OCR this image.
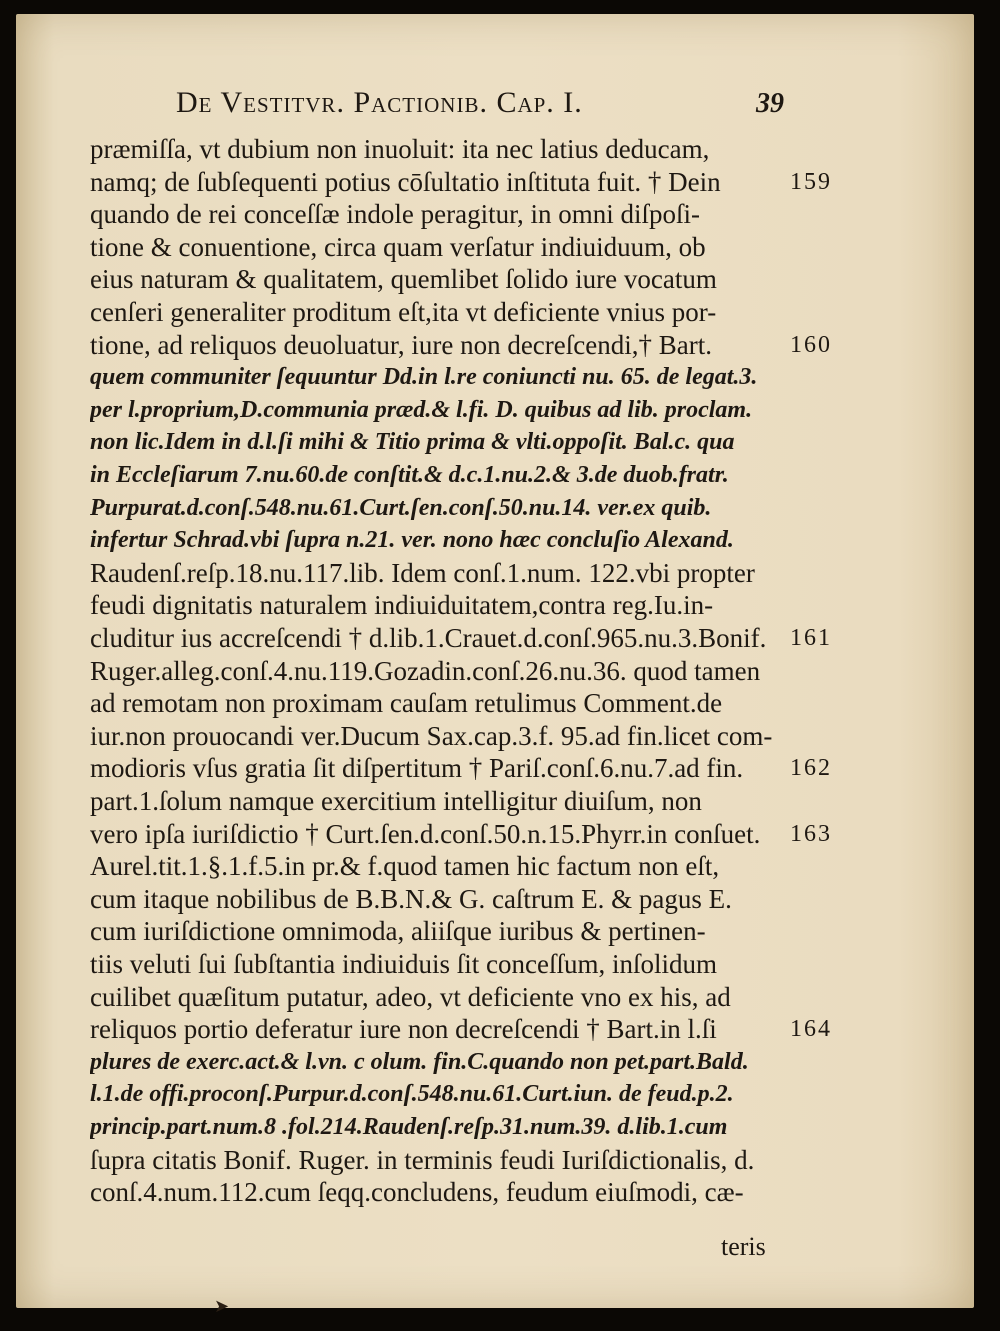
De Vestitvr. Pactionib. Cap. I.	39
præmiſſa, vt dubium non inuoluit: ita nec latius deducam,
namq; de ſubſequenti potius cōſultatio inſtituta fuit. † Dein
quando de rei conceſſæ indole peragitur, in omni diſpoſi-
tione & conuentione, circa quam verſatur indiuiduum, ob
eius naturam & qualitatem, quemlibet ſolido iure vocatum
cenſeri generaliter proditum eſt,ita vt deficiente vnius por-
tione, ad reliquos deuoluatur, iure non decreſcendi,† Bart.
quem communiter ſequuntur Dd.in l.re coniuncti nu. 65. de legat.3.
per l.proprium,D.communia præd.& l.fi. D. quibus ad lib. proclam.
non lic.Idem in d.l.ſi mihi & Titio prima & vlti.oppoſit. Bal.c. qua
in Eccleſiarum 7.nu.60.de conſtit.& d.c.1.nu.2.& 3.de duob.fratr.
Purpurat.d.conſ.548.nu.61.Curt.ſen.conſ.50.nu.14. ver.ex quib.
infertur Schrad.vbi ſupra n.21. ver. nono hæc concluſio Alexand.
Raudenſ.reſp.18.nu.117.lib. Idem conſ.1.num. 122.vbi propter
feudi dignitatis naturalem indiuiduitatem,contra reg.Iu.in-
cluditur ius accreſcendi † d.lib.1.Crauet.d.conſ.965.nu.3.Bonif.
Ruger.alleg.conſ.4.nu.119.Gozadin.conſ.26.nu.36. quod tamen
ad remotam non proximam cauſam retulimus Comment.de
iur.non prouocandi ver.Ducum Sax.cap.3.f. 95.ad fin.licet com-
modioris vſus gratia ſit diſpertitum † Pariſ.conſ.6.nu.7.ad fin.
part.1.ſolum namque exercitium intelligitur diuiſum, non
vero ipſa iuriſdictio † Curt.ſen.d.conſ.50.n.15.Phyrr.in conſuet.
Aurel.tit.1.§.1.f.5.in pr.& f.quod tamen hic factum non eſt,
cum itaque nobilibus de B.B.N.& G. caſtrum E. & pagus E.
cum iuriſdictione omnimoda, aliiſque iuribus & pertinen-
tiis veluti ſui ſubſtantia indiuiduis ſit conceſſum, inſolidum
cuilibet quæſitum putatur, adeo, vt deficiente vno ex his, ad
reliquos portio deferatur iure non decreſcendi † Bart.in l.ſi
plures de exerc.act.& l.vn. c olum. fin.C.quando non pet.part.Bald.
l.1.de offi.proconſ.Purpur.d.conſ.548.nu.61.Curt.iun. de feud.p.2.
princip.part.num.8 .fol.214.Raudenſ.reſp.31.num.39. d.lib.1.cum
ſupra citatis Bonif. Ruger. in terminis feudi Iuriſdictionalis, d.
conſ.4.num.112.cum ſeqq.concludens, feudum eiuſmodi, cæ-
159
160
161
162
163
164
teris
➤
